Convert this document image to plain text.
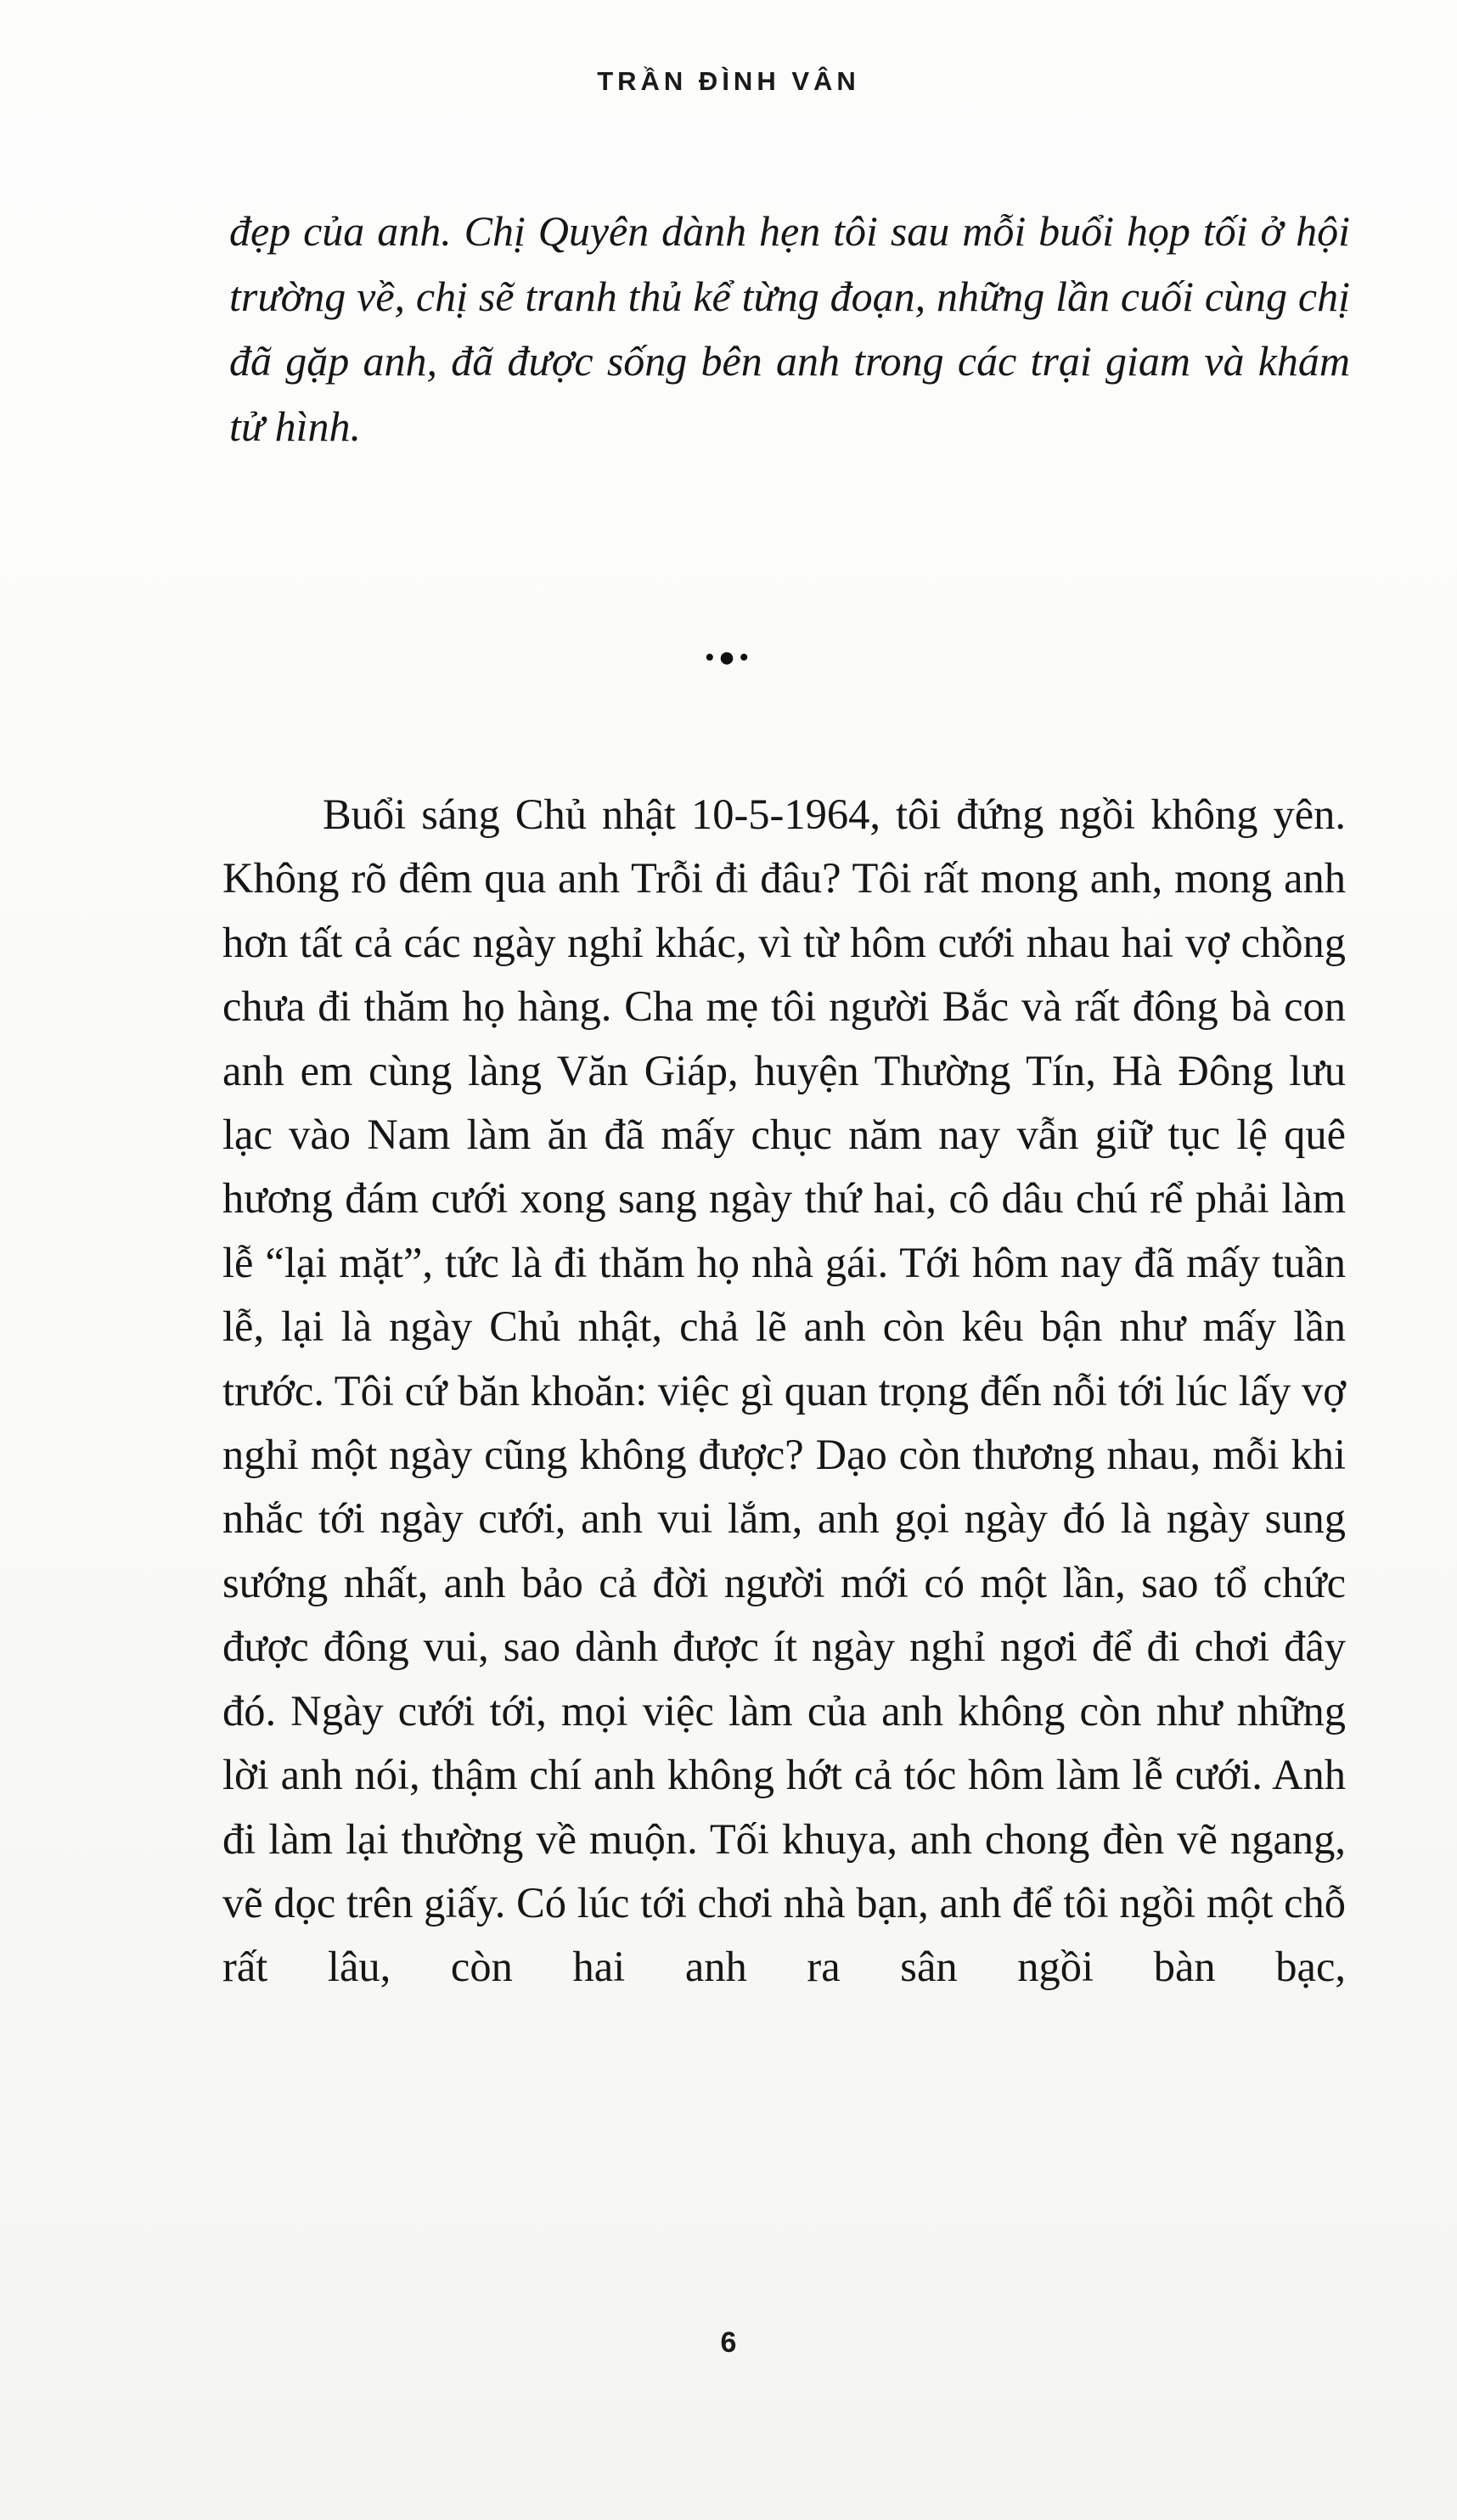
TRẦN ĐÌNH VÂN

đẹp của anh. Chị Quyên dành hẹn tôi sau mỗi buổi họp tối ở hội trường về, chị sẽ tranh thủ kể từng đoạn, những lần cuối cùng chị đã gặp anh, đã được sống bên anh trong các trại giam và khám tử hình.

•●•

Buổi sáng Chủ nhật 10-5-1964, tôi đứng ngồi không yên. Không rõ đêm qua anh Trỗi đi đâu? Tôi rất mong anh, mong anh hơn tất cả các ngày nghỉ khác, vì từ hôm cưới nhau hai vợ chồng chưa đi thăm họ hàng. Cha mẹ tôi người Bắc và rất đông bà con anh em cùng làng Văn Giáp, huyện Thường Tín, Hà Đông lưu lạc vào Nam làm ăn đã mấy chục năm nay vẫn giữ tục lệ quê hương đám cưới xong sang ngày thứ hai, cô dâu chú rể phải làm lễ “lại mặt”, tức là đi thăm họ nhà gái. Tới hôm nay đã mấy tuần lễ, lại là ngày Chủ nhật, chả lẽ anh còn kêu bận như mấy lần trước. Tôi cứ băn khoăn: việc gì quan trọng đến nỗi tới lúc lấy vợ nghỉ một ngày cũng không được? Dạo còn thương nhau, mỗi khi nhắc tới ngày cưới, anh vui lắm, anh gọi ngày đó là ngày sung sướng nhất, anh bảo cả đời người mới có một lần, sao tổ chức được đông vui, sao dành được ít ngày nghỉ ngơi để đi chơi đây đó. Ngày cưới tới, mọi việc làm của anh không còn như những lời anh nói, thậm chí anh không hớt cả tóc hôm làm lễ cưới. Anh đi làm lại thường về muộn. Tối khuya, anh chong đèn vẽ ngang, vẽ dọc trên giấy. Có lúc tới chơi nhà bạn, anh để tôi ngồi một chỗ rất lâu, còn hai anh ra sân ngồi bàn bạc,

6
